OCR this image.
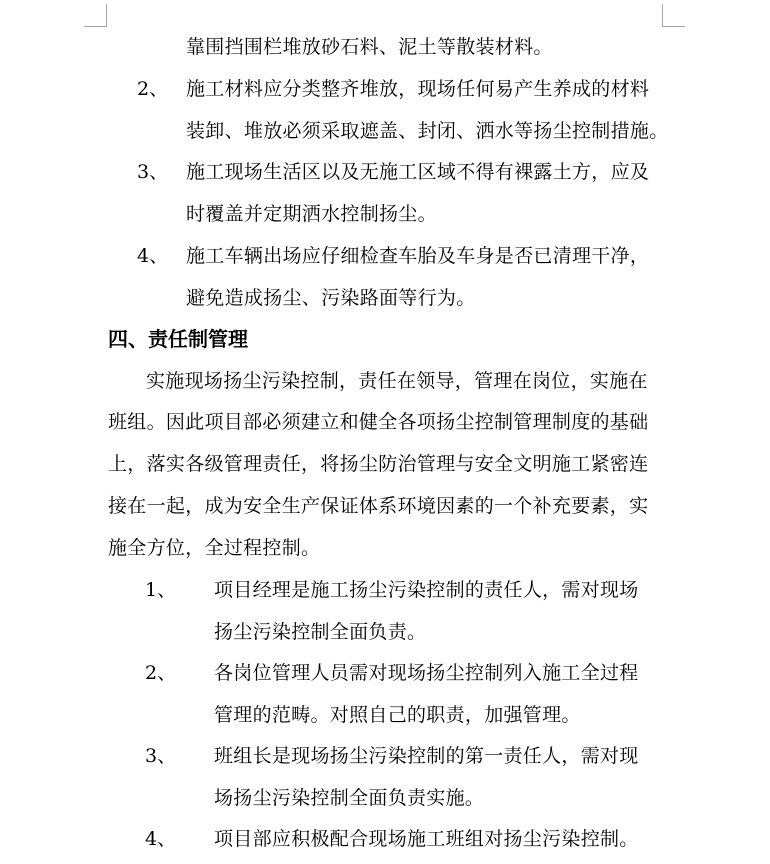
靠围挡围栏堆放砂石料、泥土等散装材料。
2、 施工材料应分类整齐堆放，现场任何易产生养成的材料
装卸、堆放必须采取遮盖、封闭、洒水等扬尘控制措施。
3、 施工现场生活区以及无施工区域不得有裸露土方，应及
时覆盖并定期洒水控制扬尘。
4、 施工车辆出场应仔细检查车胎及车身是否已清理干净，
避免造成扬尘、污染路面等行为。
四、责任制管理
实施现场扬尘污染控制，责任在领导，管理在岗位，实施在
班组。因此项目部必须建立和健全各项扬尘控制管理制度的基础
上，落实各级管理责任，将扬尘防治管理与安全文明施工紧密连
接在一起，成为安全生产保证体系环境因素的一个补充要素，实
施全方位，全过程控制。
1、 项目经理是施工扬尘污染控制的责任人，需对现场
扬尘污染控制全面负责。
2、 各岗位管理人员需对现场扬尘控制列入施工全过程
管理的范畴。对照自己的职责，加强管理。
3、 班组长是现场扬尘污染控制的第一责任人，需对现
场扬尘污染控制全面负责实施。
4、 项目部应积极配合现场施工班组对扬尘污染控制。
